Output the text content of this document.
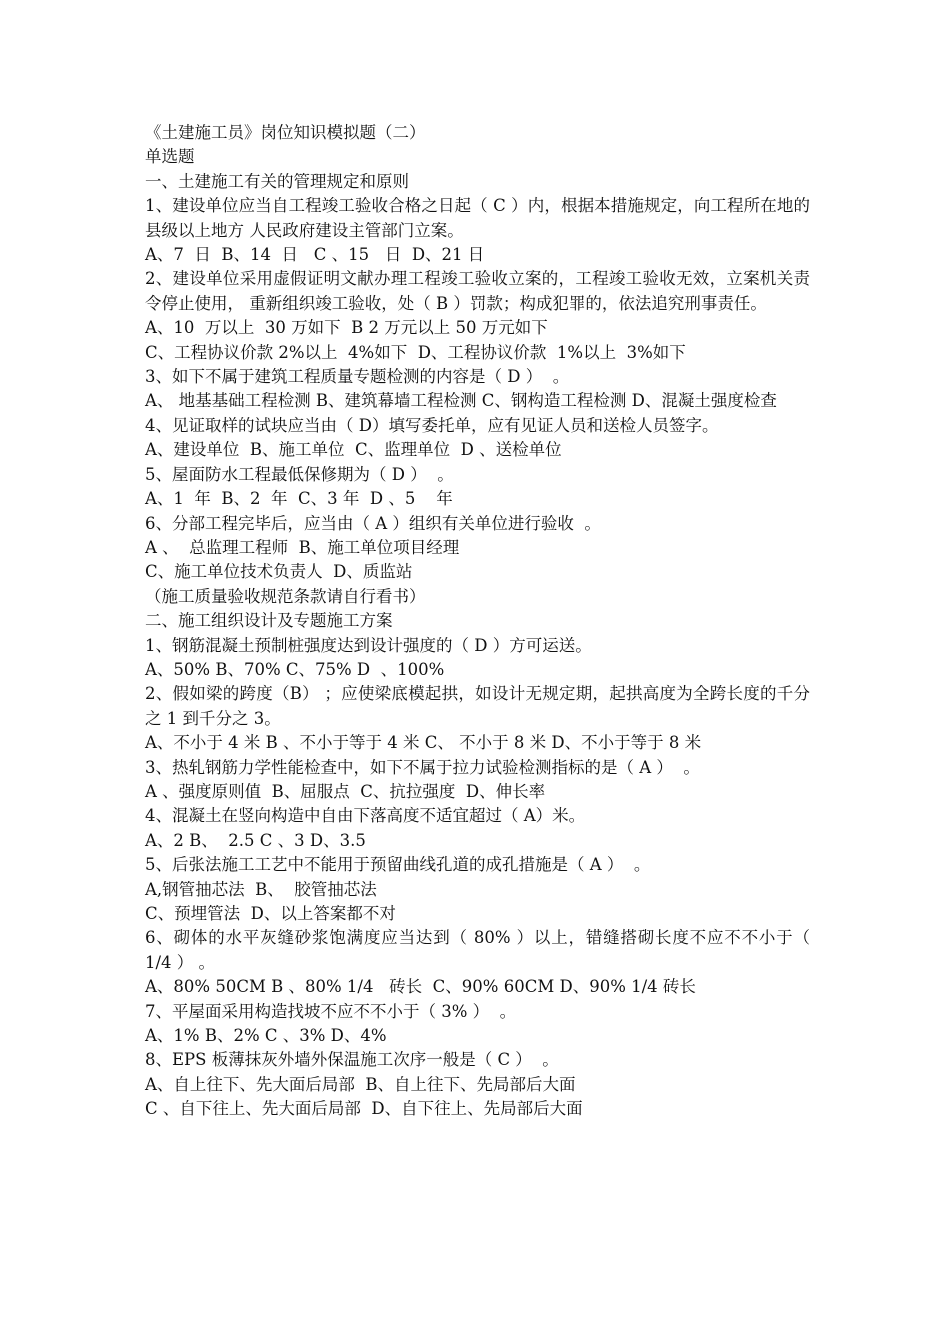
《土建施工员》岗位知识模拟题（二）
单选题
一、土建施工有关的管理规定和原则
1、建设单位应当自工程竣工验收合格之日起（ C ）内，根据本措施规定，向工程所在地的县级以上地方 人民政府建设主管部门立案。
A、7  日  B、14  日   C 、15   日  D、21 日
2、建设单位采用虚假证明文献办理工程竣工验收立案的，工程竣工验收无效，立案机关责令停止使用， 重新组织竣工验收，处（ B ）罚款；构成犯罪的，依法追究刑事责任。
A、10  万以上  30 万如下  B 2 万元以上 50 万元如下
C、工程协议价款 2%以上  4%如下  D、工程协议价款  1%以上  3%如下
3、如下不属于建筑工程质量专题检测的内容是（ D ）  。
A、 地基基础工程检测 B、建筑幕墙工程检测 C、钢构造工程检测 D、混凝土强度检查
4、见证取样的试块应当由（ D）填写委托单，应有见证人员和送检人员签字。
A、建设单位  B、施工单位  C、监理单位  D 、送检单位
5、屋面防水工程最低保修期为（ D ）  。
A、1  年  B、2  年  C、3 年  D 、5    年
6、分部工程完毕后，应当由（ A ）组织有关单位进行验收  。
A 、  总监理工程师  B、施工单位项目经理
C、施工单位技术负责人  D、质监站
（施工质量验收规范条款请自行看书）
二、施工组织设计及专题施工方案
1、钢筋混凝土预制桩强度达到设计强度的（ D ）方可运送。
A、50% B、70% C、75% D  、100%
2、假如梁的跨度（B） ；应使梁底模起拱，如设计无规定期，起拱高度为全跨长度的千分之 1 到千分之 3。
A、不小于 4 米 B 、不小于等于 4 米 C、 不小于 8 米 D、不小于等于 8 米
3、热轧钢筋力学性能检查中，如下不属于拉力试验检测指标的是（ A ）  。
A 、强度原则值  B、屈服点  C、抗拉强度  D、伸长率
4、混凝土在竖向构造中自由下落高度不适宜超过（ A）米。
A、2 B、  2.5 C 、3 D、3.5
5、后张法施工工艺中不能用于预留曲线孔道的成孔措施是（ A ）  。
A,钢管抽芯法  B、  胶管抽芯法
C、预埋管法  D、以上答案都不对
6、砌体的水平灰缝砂浆饱满度应当达到（ 80% ）以上，错缝搭砌长度不应不不小于（ 1/4 ） 。
A、80% 50CM B 、80% 1/4   砖长  C、90% 60CM D、90% 1/4 砖长
7、平屋面采用构造找坡不应不不小于（ 3% ）  。
A、1% B、2% C 、3% D、4%
8、EPS 板薄抹灰外墙外保温施工次序一般是（ C ）  。
A、自上往下、先大面后局部  B、自上往下、先局部后大面
C 、自下往上、先大面后局部  D、自下往上、先局部后大面
